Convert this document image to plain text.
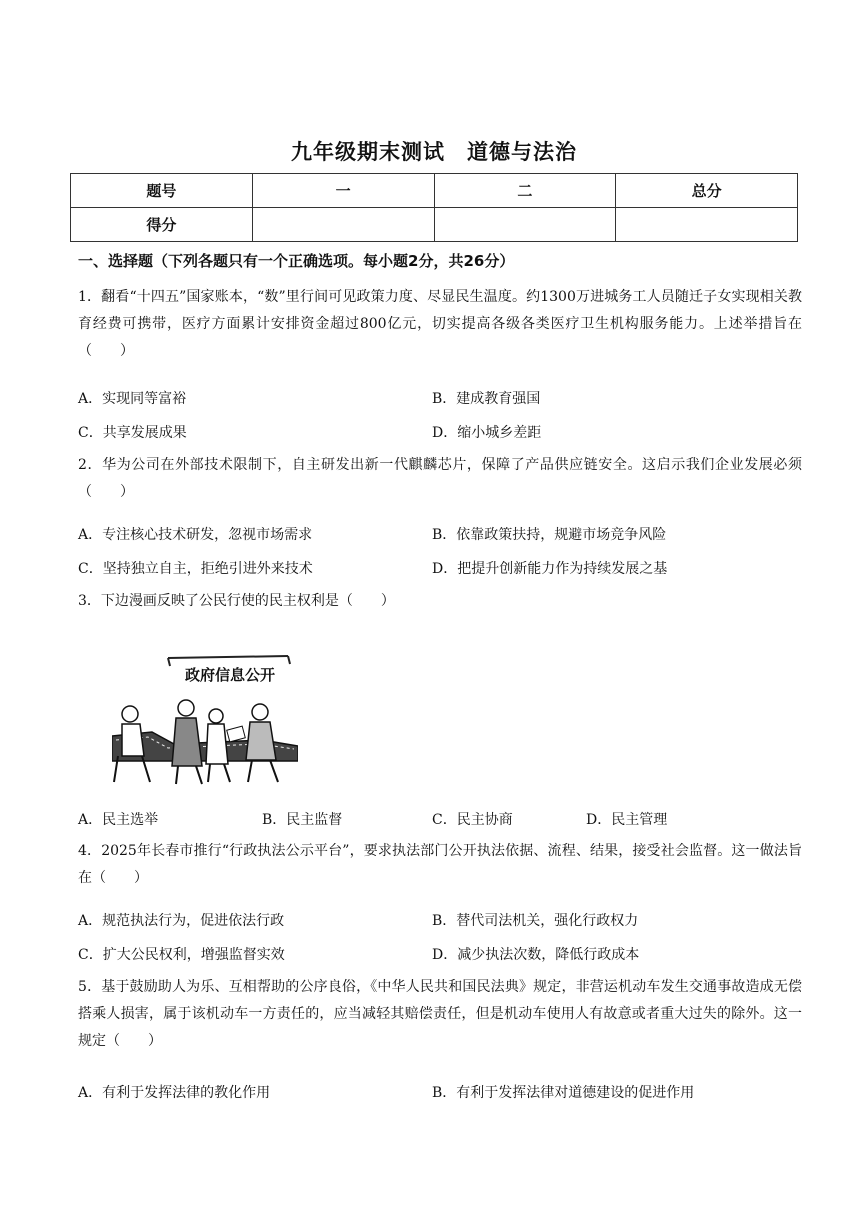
九年级期末测试　道德与法治
题号	一	二	总分
得分			
一、选择题（下列各题只有一个正确选项。每小题2分，共26分）
1．翻看“十四五”国家账本，“数”里行间可见政策力度、尽显民生温度。约1300万进城务工人员随迁子女实现相关教育经费可携带，医疗方面累计安排资金超过800亿元，切实提高各级各类医疗卫生机构服务能力。上述举措旨在（　　）
A．实现同等富裕	B．建成教育强国
C．共享发展成果	D．缩小城乡差距
2．华为公司在外部技术限制下，自主研发出新一代麒麟芯片，保障了产品供应链安全。这启示我们企业发展必须（　　）
A．专注核心技术研发，忽视市场需求	B．依靠政策扶持，规避市场竞争风险
C．坚持独立自主，拒绝引进外来技术	D．把提升创新能力作为持续发展之基
3．下边漫画反映了公民行使的民主权利是（　　）
政府信息公开
A．民主选举	B．民主监督	C．民主协商	D．民主管理
4．2025年长春市推行“行政执法公示平台”，要求执法部门公开执法依据、流程、结果，接受社会监督。这一做法旨在（　　）
A．规范执法行为，促进依法行政	B．替代司法机关，强化行政权力
C．扩大公民权利，增强监督实效	D．减少执法次数，降低行政成本
5．基于鼓励助人为乐、互相帮助的公序良俗，《中华人民共和国民法典》规定，非营运机动车发生交通事故造成无偿搭乘人损害，属于该机动车一方责任的，应当减轻其赔偿责任，但是机动车使用人有故意或者重大过失的除外。这一规定（　　）
A．有利于发挥法律的教化作用	B．有利于发挥法律对道德建设的促进作用
